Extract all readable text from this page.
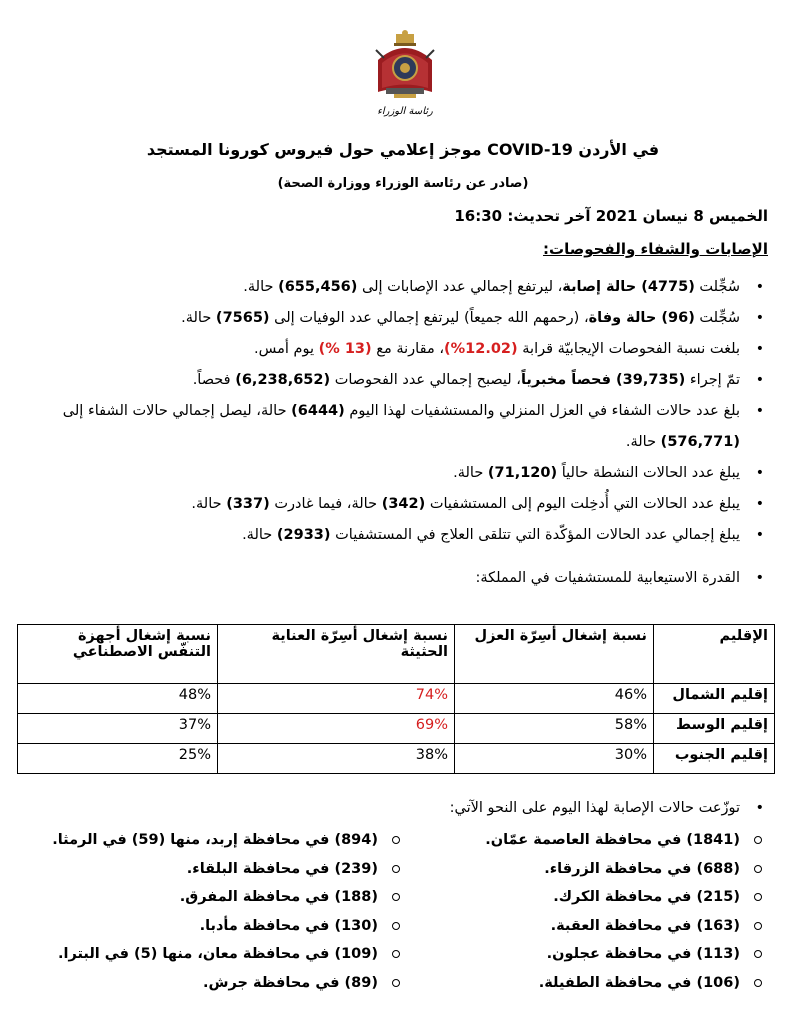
رئاسة الوزراء
موجز إعلامي حول فيروس كورونا المستجد COVID-19 في الأردن
(صادر عن رئاسة الوزراء ووزارة الصحة)
الخميس 8 نيسان 2021 آخر تحديث: 16:30
الإصابات والشفاء والفحوصات:
• سُجِّلت (4775) حالة إصابة، ليرتفع إجمالي عدد الإصابات إلى (655,456) حالة.
• سُجِّلت (96) حالة وفاة، (رحمهم الله جميعاً) ليرتفع إجمالي عدد الوفيات إلى (7565) حالة.
• بلغت نسبة الفحوصات الإيجابيّة قرابة (12.02%)، مقارنة مع (13 %) يوم أمس.
• تمّ إجراء (39,735) فحصاً مخبرياً، ليصبح إجمالي عدد الفحوصات (6,238,652) فحصاً.
• بلغ عدد حالات الشفاء في العزل المنزلي والمستشفيات لهذا اليوم (6444) حالة، ليصل إجمالي حالات الشفاء إلى (576,771) حالة.
• يبلغ عدد الحالات النشطة حالياً (71,120) حالة.
• يبلغ عدد الحالات التي أُدخِلت اليوم إلى المستشفيات (342) حالة، فيما غادرت (337) حالة.
• يبلغ إجمالي عدد الحالات المؤكّدة التي تتلقى العلاج في المستشفيات (2933) حالة.
• القدرة الاستيعابية للمستشفيات في المملكة:
الإقليم	نسبة إشغال أسِرّة العزل	نسبة إشغال أسِرّة العناية الحثيثة	نسبة إشغال أجهزة التنفّس الاصطناعي
إقليم الشمال	46%	74%	48%
إقليم الوسط	58%	69%	37%
إقليم الجنوب	30%	38%	25%
• توزّعت حالات الإصابة لهذا اليوم على النحو الآتي:
(1841) في محافظة العاصمة عمّان.
(688) في محافظة الزرقاء.
(215) في محافظة الكرك.
(163) في محافظة العقبة.
(113) في محافظة عجلون.
(106) في محافظة الطفيلة.
(894) في محافظة إربد، منها (59) في الرمثا.
(239) في محافظة البلقاء.
(188) في محافظة المفرق.
(130) في محافظة مأدبا.
(109) في محافظة معان، منها (5) في البترا.
(89) في محافظة جرش.
